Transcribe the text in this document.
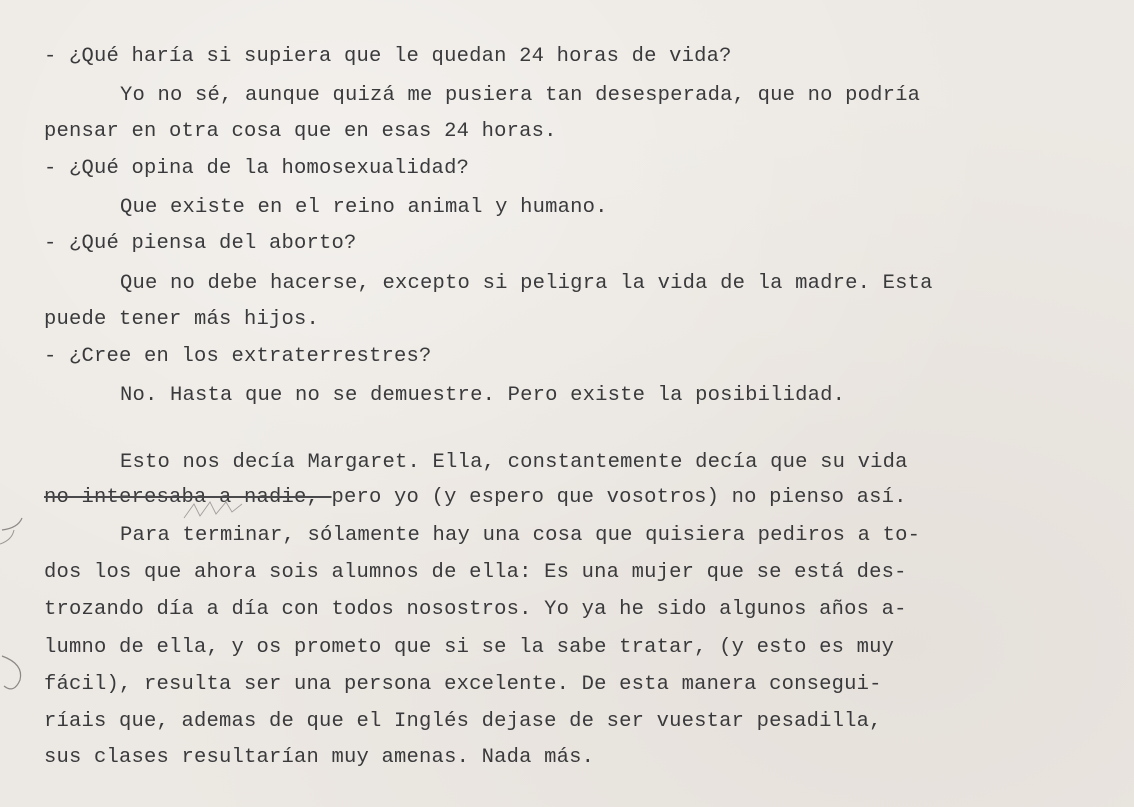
- ¿Qué haría si supiera que le quedan 24 horas de vida?
Yo no sé, aunque quizá me pusiera tan desesperada, que no podría
pensar en otra cosa que en esas 24 horas.
- ¿Qué opina de la homosexualidad?
Que existe en el reino animal y humano.
- ¿Qué piensa del aborto?
Que no debe hacerse, excepto si peligra la vida de la madre. Esta
puede tener más hijos.
- ¿Cree en los extraterrestres?
No. Hasta que no se demuestre. Pero existe la posibilidad.
Esto nos decía Margaret. Ella, constantemente decía que su vida
no interesaba a nadie, pero yo (y espero que vosotros) no pienso así.
Para terminar, sólamente hay una cosa que quisiera pediros a to-
dos los que ahora sois alumnos de ella: Es una mujer que se está des-
trozando día a día con todos nosostros. Yo ya he sido algunos años a-
lumno de ella, y os prometo que si se la sabe tratar, (y esto es muy
fácil), resulta ser una persona excelente. De esta manera consegui-
ríais que, ademas de que el Inglés dejase de ser vuestar pesadilla,
sus clases resultarían muy amenas. Nada más.
